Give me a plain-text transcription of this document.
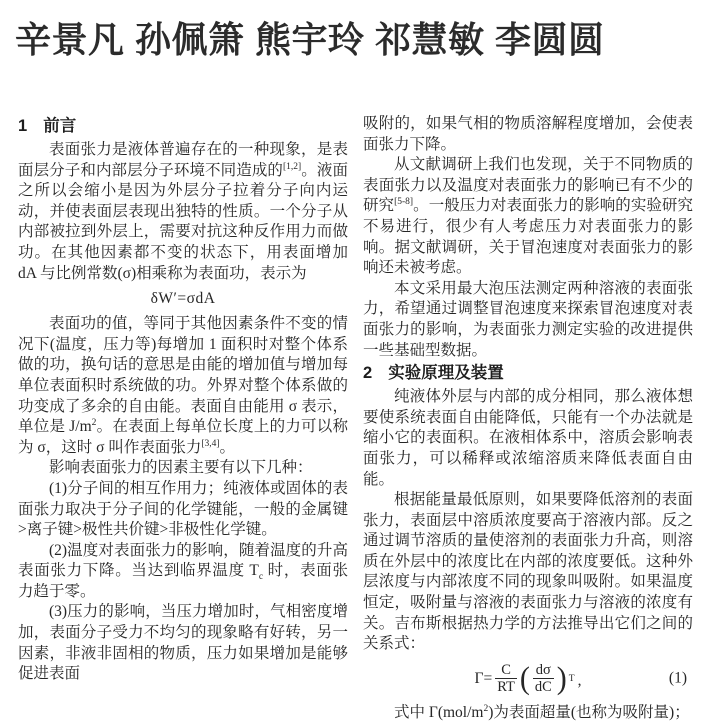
辛景凡 孙佩箫 熊宇玲 祁慧敏 李圆圆
1 前言

表面张力是液体普遍存在的一种现象，是表面层分子和内部层分子环境不同造成的[1,2]。液面之所以会缩小是因为外层分子拉着分子向内运动，并使表面层表现出独特的性质。一个分子从内部被拉到外层上，需要对抗这种反作用力而做功。在其他因素都不变的状态下，用表面增加 dA 与比例常数(σ)相乘称为表面功，表示为

δW′=σdA

表面功的值，等同于其他因素条件不变的情况下(温度，压力等)每增加 1 面积时对整个体系做的功，换句话的意思是由能的增加值与增加每单位表面积时系统做的功。外界对整个体系做的功变成了多余的自由能。表面自由能用 σ 表示，单位是 $J/m^2$。在表面上每单位长度上的力可以称为 σ，这时 σ 叫作表面张力[3,4]。

影响表面张力的因素主要有以下几种：

(1)分子间的相互作用力；纯液体或固体的表面张力取决于分子间的化学键能，一般的金属键>离子键>极性共价键>非极性化学键。

(2)温度对表面张力的影响，随着温度的升高表面张力下降。当达到临界温度 $T_c$ 时，表面张力趋于零。

(3)压力的影响，当压力增加时，气相密度增加，表面分子受力不均匀的现象略有好转，另一因素，非液非固相的物质，压力如果增加是能够促进表面

吸附的，如果气相的物质溶解程度增加，会使表面张力下降。

从文献调研上我们也发现，关于不同物质的表面张力以及温度对表面张力的影响已有不少的研究[5-8]。一般压力对表面张力的影响的实验研究不易进行，很少有人考虑压力对表面张力的影响。据文献调研，关于冒泡速度对表面张力的影响还未被考虑。

本文采用最大泡压法测定两种溶液的表面张力，希望通过调整冒泡速度来探索冒泡速度对表面张力的影响，为表面张力测定实验的改进提供一些基础型数据。

2 实验原理及装置

纯液体外层与内部的成分相同，那么液体想要使系统表面自由能降低，只能有一个办法就是缩小它的表面积。在液相体系中，溶质会影响表面张力，可以稀释或浓缩溶质来降低表面自由能。

根据能量最低原则，如果要降低溶剂的表面张力，表面层中溶质浓度要高于溶液内部。反之通过调节溶质的量使溶剂的表面张力升高，则溶质在外层中的浓度比在内部的浓度要低。这种外层浓度与内部浓度不同的现象叫吸附。如果温度恒定，吸附量与溶液的表面张力与溶液的浓度有关。吉布斯根据热力学的方法推导出它们之间的关系式：

$\Gamma= \frac{C}{RT}$ ( $\frac{d\sigma}{dC}$ ) T ,	(1)

式中 $\Gamma(mol/m^2)$为表面超量(也称为吸附量)；
